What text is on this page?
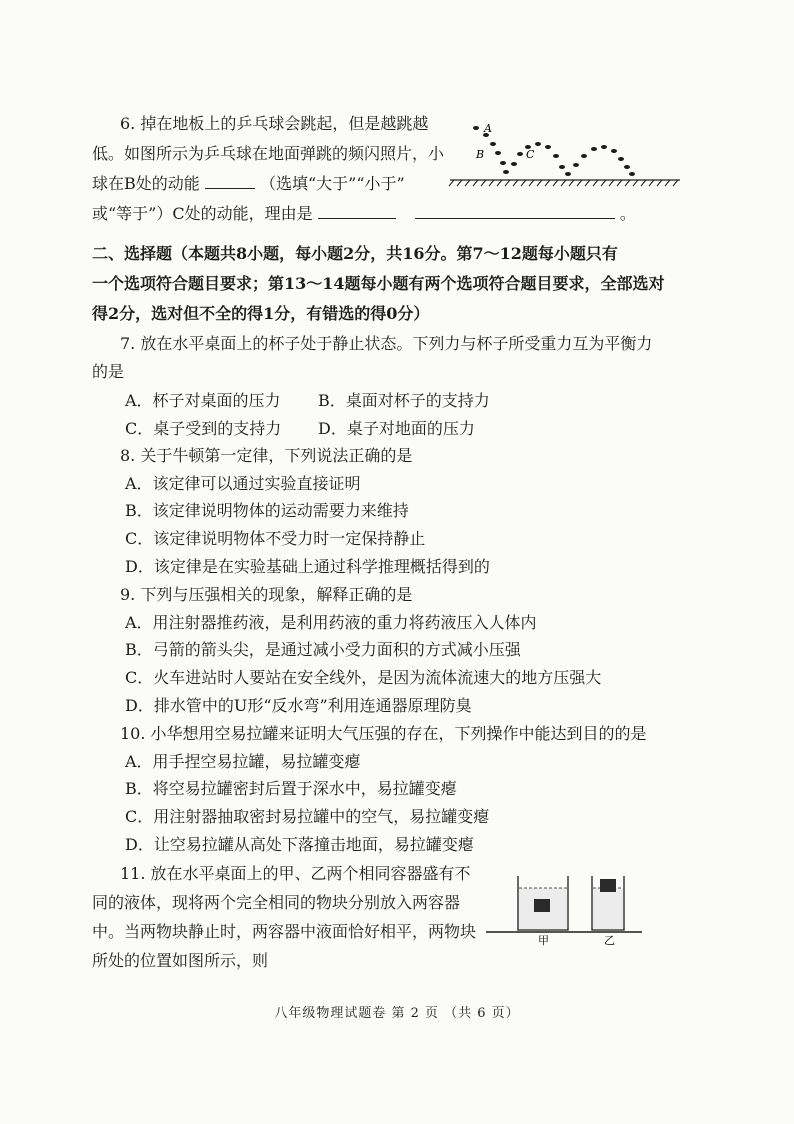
6. 掉在地板上的乒乓球会跳起，但是越跳越
低。如图所示为乒乓球在地面弹跳的频闪照片，小
球在B处的动能	（选填“大于”“小于”
或“等于”）C处的动能，理由是	。
A
B	C
二、选择题（本题共8小题，每小题2分，共16分。第7～12题每小题只有
一个选项符合题目要求；第13～14题每小题有两个选项符合题目要求，全部选对
得2分，选对但不全的得1分，有错选的得0分）
7. 放在水平桌面上的杯子处于静止状态。下列力与杯子所受重力互为平衡力
的是
A．杯子对桌面的压力 B．桌面对杯子的支持力
C．桌子受到的支持力 D．桌子对地面的压力
8. 关于牛顿第一定律，下列说法正确的是
A．该定律可以通过实验直接证明
B．该定律说明物体的运动需要力来维持
C．该定律说明物体不受力时一定保持静止
D．该定律是在实验基础上通过科学推理概括得到的
9. 下列与压强相关的现象，解释正确的是
A．用注射器推药液，是利用药液的重力将药液压入人体内
B．弓箭的箭头尖，是通过减小受力面积的方式减小压强
C．火车进站时人要站在安全线外，是因为流体流速大的地方压强大
D．排水管中的U形“反水弯”利用连通器原理防臭
10. 小华想用空易拉罐来证明大气压强的存在，下列操作中能达到目的的是
A．用手捏空易拉罐，易拉罐变瘪
B．将空易拉罐密封后置于深水中，易拉罐变瘪
C．用注射器抽取密封易拉罐中的空气，易拉罐变瘪
D．让空易拉罐从高处下落撞击地面，易拉罐变瘪
11. 放在水平桌面上的甲、乙两个相同容器盛有不
同的液体，现将两个完全相同的物块分别放入两容器
中。当两物块静止时，两容器中液面恰好相平，两物块
所处的位置如图所示，则
甲	乙
八年级物理试题卷 第 2 页 （共 6 页）
